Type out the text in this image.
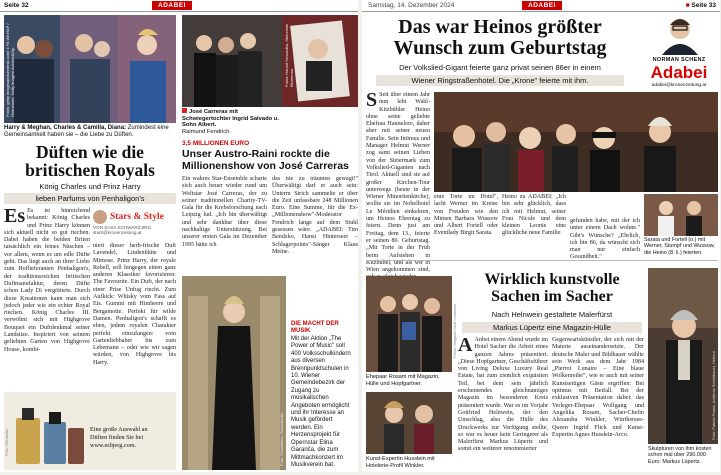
Seite 32	ADABEI
Fotos: getty images/picturedesk.com/ 4 PA Wire/AP / Ovenanser, Getty images/ Avenue&Dip
Harry & Meghan, Charles & Camilla, Diana: Zumindest eine Gemeinsamkeit haben sie – die Liebe zu Düften.
Düften wie die britischen Royals
König Charles und Prinz Harry
lieben Parfums von Penhaligon's
Es Es ist hinreichend bekannt: König Charles und Prinz Harry können sich aktuell nicht so gut riechen. Dabei haben die beiden Briten tatsächlich ein feines Näschen – vor allem, wenn es um edle Düfte geht. Das liegt auch an ihrer Liebe zum Hoflieferanten Penhaligon's, der traditionsreichen britischen Duftmanufaktur, deren Düfte schon Lady Di vergötterte. Durch diese Kreationen kann man sich jedoch jeder wie ein echter Royal riechen. König Charles III. verwöhnt sich mit Highgrove Bouquet ein Duftdenkmal seiner Landsitze. Inspiriert von seinem geliebten Garten von Highgrove House, kombi-
Stars & Style
VON SASA SCHWARZJIRG
stars@kronenzeitung.at
niert dieser herb-frische Duft Lavendel, Lindenblüte und Mimose. Prinz Harry, der royale Rebell, soll hingegen einen ganz anderen Klassiker favorisieren: The Favourite. Ein Duft, der nach einer Prise Unfug riecht. Zum Aufkick: Whisky vom Fass auf Eis. Gummi mit Himbeere und Bergamotte. Perfekt für wilde Damen. Penhaligon's schafft es eben, jedem royalen Charakter perfekt einzufangen: vom Gartenliebhaber bis zum Lebemann – oder wie wir sagen würden, von Highgrove bis Harry.
Foto: Hersteller	Eine große Auswahl an
Düften finden Sie bei
www.esbjerg.com.
Fotos: Harald Nesvadba, Steinmetz Blumenau
José Carreras mit Schwiegertochter Ingrid Salvado u. Sohn Albert.
Raimund Fendrich.
3,5 MILLIONEN EURO
Unser Austro-Raini rockte die Millionenshow von José Carreras
Ein wahres Star-Ensemble scharte sich auch heuer wieder rund um Weltstar José Carreras, der zu seiner traditionellen Charity-TV-Gala für die Krebsforschung nach Leipzig lud. „Ich bin überwältigt und sehr dankbar über diese nachhaltige Unterstützung. Bei unserer ersten Gala im Dezember 1995 hätte ich
das nie zu träumen gewagt!" Überwältigt darf er auch sein: Unterm Strich sammelte er über die Zeit unfassbare 248 Millionen Euro. Eine Summe, für die Ex-„Millionenshow"-Moderator Fendrich lange auf dem Stuhl gesessen wäre. „ADABEI: Tim Bendzko, Hansi Hinterseer – Schlagerpoints"-Sänger Klaus Meine.
Foto: Dreamtime, Scherfzeder
DIE MACHT DER MUSIK
Mit der Aktion „The Power of Music" soll 400 Volksschulkindern aus diversen Brennpunktschulen in 10. Wiener Gemeindebezirk der Zugang zu musikalischen Angeboten ermöglicht und ihr Interesse an Musik gefördert werden. Ein Herzensprojekt für Opernstar Elina Garanča, die zum Mittmachkonzert im Musikverein bat.
Samstag, 14. Dezember 2024	ADABEI	■ Seite 33
Das war Heinos größter
Wunsch zum Geburtstag
Der Volkslied-Gigant feierte ganz privat seinen 86er in einem
Wiener Ringstraßenhotel. Die „Krone" feierte mit ihm.
NORMAN SCHENZ
Adabei
adabei@kronenzeitung.at
S Seit über einem Jahr nun lebt Wahl-Kitzbühler Heino ohne seine geliebte Ehefrau Hannelore, daher aber mit seiner neuen Familie. Sein Intimus und Manager Helmut Werner zog samt seinen Lieben von der Steiermark zum Volkslied-Giganten nach Tirol. Aktuell sind sie auf großer Kirchen-Tour unterwegs (heute in der Wiener Minoritenkirche), wollte sie im Nobelhotel Le Méridien einkehren, um Heinos Ehrentag zu feiern. Denn just am Freitag, dem 13., feierte er seinen 86. Geburtstag. „Mit Torte in der Früh beim Aufstehen in Kitzbühel, und als wir in Wien angekommen sind,
eine Torte im Hotel", lacht Werner im Kreise von Freuden wie den Mimen Barbara Wussow und Albert Fortell oder Eventlady Birgit Sarata.
Heino zu ADABEI: „Ich bin sehr glücklich, dass ich mit Helmut, seiner Frau Nicole und dem kleinen Leonie eine glückliche neue Familie
gefunden habe, mit der ich unter einem Dach wohne." Gibt's Wünsche? „Ehrlich, ich bin 86, da wünscht sich man nur einfach Gesundheit."
Sarata und Fortell (o.) mit Werner, Stumpf und Wussow, die Heino (8. li.) feierten.
Fotos: Magazin Andi Lehmann
Ehepaar Rosam mit Magazin, Hülle und Hopfgartner.
Kunst-Expertin Husslein mit Hotelerie-Profil Winkler.
Wirklich kunstvolle
Sachen im Sacher
Nach Helnwein gestaltete Malerfürst
Markus Lüpertz eine Magazin-Hülle
A Anbei einem Abend wurde im Hotel Sacher die Arbeit eines ganzen Jahres präsentiert. „Diese Hopfgartner, Geschäftsführer von Living Deluxe Luxury Real Estate, hat zum ziemlich exquisiten Teil, bei dem sein jährlich erscheinendes gleichnamiges Magazin im besonderen Kreis präsentiert wurde. War es im Vorjahr Gottfried Helnwein, der den Umschlag, also die Hülle des Druckwerks zur Verfügung stellte, so war es heuer kein Geringerer als Malerfürst Markus Lüpertz und somit ein weiterer renommierter
Gegenwartskünstler, der sich mit der Materie auseinandersetzte. Der deutsche Maler und Bildhauer wählte sein Werk aus dem Jahr 1984 „Pierrot Lunaire – Eine blaue Wolkenreihe", wie er auch mit seiner Kunstseitigen Gäste ergriffen: Bei optimus mit Beifall. Bei der exklusiven Präsentation dabei: das Verleger-Ehepaar Wolfgang und Angelika Rosam, Sacher-Chefin Alexandra Winkler, Würthersee-Queen Ingrid Flick und Kunst-Expertin Agnes Husslein-Arco.	Foto: Patrick Fraste, Andreas Scheilhauer, Helmut J.
Skulpturen von ihm kosten schon mal über 290.000 Euro: Markus Lüpertz.
